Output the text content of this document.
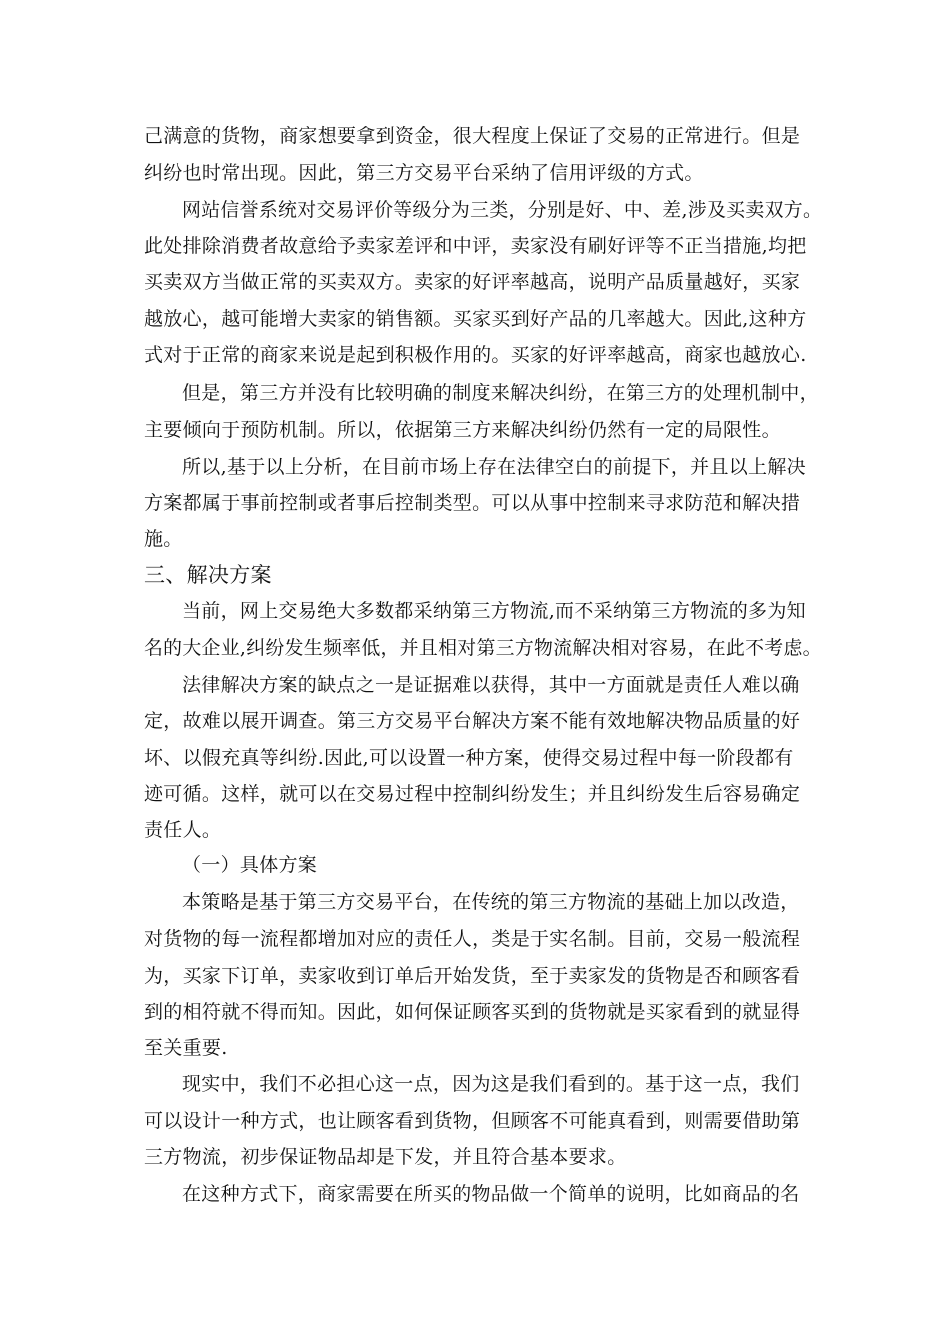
己满意的货物，商家想要拿到资金，很大程度上保证了交易的正常进行。但是

纠纷也时常出现。因此，第三方交易平台采纳了信用评级的方式。

网站信誉系统对交易评价等级分为三类，分别是好、中、差,涉及买卖双方。

此处排除消费者故意给予卖家差评和中评，卖家没有刷好评等不正当措施,均把

买卖双方当做正常的买卖双方。卖家的好评率越高，说明产品质量越好，买家

越放心，越可能增大卖家的销售额。买家买到好产品的几率越大。因此,这种方

式对于正常的商家来说是起到积极作用的。买家的好评率越高，商家也越放心.

但是，第三方并没有比较明确的制度来解决纠纷，在第三方的处理机制中，

主要倾向于预防机制。所以，依据第三方来解决纠纷仍然有一定的局限性。

所以,基于以上分析，在目前市场上存在法律空白的前提下，并且以上解决

方案都属于事前控制或者事后控制类型。可以从事中控制来寻求防范和解决措

施。

三、解决方案

当前，网上交易绝大多数都采纳第三方物流,而不采纳第三方物流的多为知

名的大企业,纠纷发生频率低，并且相对第三方物流解决相对容易，在此不考虑。

法律解决方案的缺点之一是证据难以获得，其中一方面就是责任人难以确

定，故难以展开调查。第三方交易平台解决方案不能有效地解决物品质量的好

坏、以假充真等纠纷.因此,可以设置一种方案，使得交易过程中每一阶段都有

迹可循。这样，就可以在交易过程中控制纠纷发生；并且纠纷发生后容易确定

责任人。

（一）具体方案

本策略是基于第三方交易平台，在传统的第三方物流的基础上加以改造，

对货物的每一流程都增加对应的责任人，类是于实名制。目前，交易一般流程

为，买家下订单，卖家收到订单后开始发货，至于卖家发的货物是否和顾客看

到的相符就不得而知。因此，如何保证顾客买到的货物就是买家看到的就显得

至关重要.

现实中，我们不必担心这一点，因为这是我们看到的。基于这一点，我们

可以设计一种方式，也让顾客看到货物，但顾客不可能真看到，则需要借助第

三方物流，初步保证物品却是下发，并且符合基本要求。

在这种方式下，商家需要在所买的物品做一个简单的说明，比如商品的名
